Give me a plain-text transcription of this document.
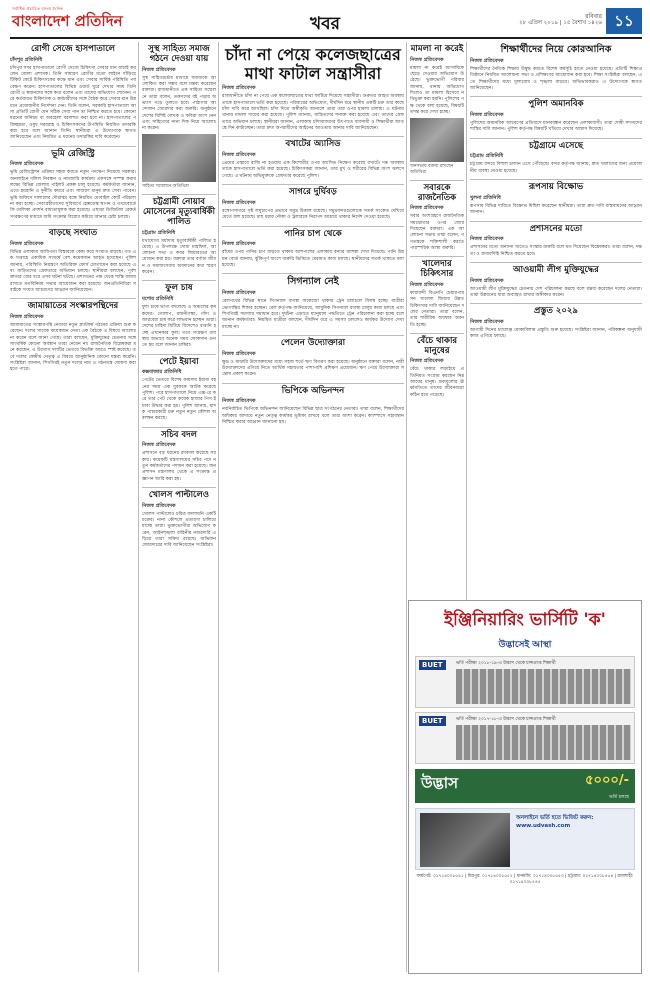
সর্বাধিক প্রচারিত বাংলা দৈনিক
বাংলাদেশ প্রতিদিন	খবর	রবিবার
২৮ এপ্রিল ২০১৯ | ১৫ বৈশাখ ১৪২৬ ১১
রোগী সেজে হাসপাতালে
চাঁদপুর প্রতিনিধি
চাঁদপুর সদর হাসপাতালে রোগী সেজে চিকিৎসা সেবার মান যাচাই করলেন জেলা প্রশাসক। তিনি সাধারণ রোগীর মতো লাইনে দাঁড়িয়ে টিকিট কেটে চিকিৎসকের কক্ষে যান এবং সেবার সার্বিক পরিস্থিতি পর্যবেক্ষণ করেন। হাসপাতালের বিভিন্ন ওয়ার্ড ঘুরে দেখার সময় তিনি রোগী ও স্বজনদের সঙ্গে কথা বলেন এবং তাদের অভিযোগ শোনেন। পরে কর্তব্যরত চিকিৎসক ও কর্মচারীদের সঙ্গে বৈঠক করে সেবার মান উন্নয়নে প্রয়োজনীয় নির্দেশনা দেন। তিনি বলেন, সরকারি হাসপাতালে আসা প্রতিটি রোগী যেন সঠিক সেবা পান তা নিশ্চিত করতে হবে। কোনো ধরনের অনিয়ম বা অবহেলা বরদাশত করা হবে না। হাসপাতালের পরিচ্ছন্নতা, ওষুধ সরবরাহ ও চিকিৎসকদের উপস্থিতি নিয়মিত তদারকি করা হবে বলে জানান তিনি। স্থানীয়রা এ উদ্যোগকে স্বাগত জানিয়েছেন এবং নিয়মিত এ ধরনের তদারকির দাবি করেছেন।
ভূমি রেজিস্ট্রি
নিজস্ব প্রতিবেদক
ভূমি রেজিস্ট্রেশন প্রক্রিয়া সহজ করতে নতুন পদক্ষেপ নিয়েছে সরকার। অনলাইনে দলিল নিবন্ধন ও নামজারি কার্যক্রম একসঙ্গে সম্পন্ন করার লক্ষ্যে বিভিন্ন জেলায় পাইলট প্রকল্প চালু হয়েছে। কর্মকর্তারা জানান, এতে হয়রানি ও দুর্নীতি কমবে এবং সাধারণ মানুষ দ্রুত সেবা পাবেন। ভূমি অফিসে দালালের দৌরাত্ম্য বন্ধে নিয়মিত মোবাইল কোর্ট পরিচালনা করা হচ্ছে। সেবাগ্রহীতাদের সুবিধার্থে হেল্পডেস্ক স্থাপন ও তথ্যবোর্ডে ফি তালিকা প্রদর্শন বাধ্যতামূলক করা হয়েছে। এছাড়া ডিজিটাল রেকর্ড সংরক্ষণের মাধ্যমে জমি সংক্রান্ত বিরোধ কমিয়ে আনার চেষ্টা চলছে।
বাড়ছে সংঘাত
নিজস্ব প্রতিবেদক
বিভিন্ন এলাকায় আধিপত্য বিস্তারকে কেন্দ্র করে সংঘাত বাড়ছে। গত এক সপ্তাহে একাধিক সংঘর্ষে বেশ কয়েকজন আহত হয়েছেন। পুলিশ জানায়, পরিস্থিতি নিয়ন্ত্রণে অতিরিক্ত ফোর্স মোতায়েন করা হয়েছে এবং জড়িতদের গ্রেফতারে অভিযান চলছে। স্থানীয়রা বলছেন, পূর্বশত্রুতার জের ধরে এসব ঘটনা ঘটছে। প্রশাসনের পক্ষ থেকে শান্তি বজায় রাখতে মতবিনিময় সভার আয়োজন করা হয়েছে। জনপ্রতিনিধিরা সবাইকে সংযত আচরণের আহ্বান জানিয়েছেন।
জামায়াতের সংস্কারপন্থিদের
নিজস্ব প্রতিবেদক
জামায়াতের সংস্কারপন্থি নেতারা নতুন প্ল্যাটফর্ম গঠনের প্রক্রিয়া শুরু করেছেন। দলের সাবেক কয়েকজন নেতা এক বৈঠকে এ বিষয়ে আলোচনা করেন বলে জানা গেছে। তারা বলছেন, মুক্তিযুদ্ধের চেতনার সঙ্গে সাংঘর্ষিক কোনো অবস্থান তারা নেবেন না। রাজনৈতিক বিশ্লেষকরা মনে করছেন, এ উদ্যোগ দলটির ভেতরে বিভক্তি আরও স্পষ্ট করেছে। তবে দলের কেন্দ্রীয় নেতৃত্ব এ বিষয়ে আনুষ্ঠানিক কোনো মন্তব্য করেনি। সংশ্লিষ্টরা জানান, শিগগিরই নতুন দলের নাম ও গঠনতন্ত্র ঘোষণা করা হতে পারে।
সুস্থ সাহিত্য সমাজ গঠনে দেওয়া যায়
নিজস্ব প্রতিবেদক
সুস্থ সাহিত্যচর্চার মাধ্যমে সমাজকে আলোকিত করা সম্ভব বলে মন্তব্য করেছেন বক্তারা। রাজধানীতে এক সাহিত্য সম্মেলনে তারা বলেন, তরুণদের বই পড়ার অভ্যাস গড়ে তুলতে হবে। পাঠাগার আন্দোলন জোরদার করা জরুরি। অনুষ্ঠানে দেশের বিশিষ্ট লেখক ও কবিরা অংশ নেন এবং সাহিত্যের নানা দিক নিয়ে আলোচনা করেন।
সাহিত্য সম্মেলনে অতিথিরা
চট্টগ্রামী নোয়াব মোসেনের মৃত্যুবার্ষিকী পালিত
চট্টগ্রাম প্রতিনিধি
যথাযোগ্য মর্যাদায় মৃত্যুবার্ষিকী পালিত হয়েছে। এ উপলক্ষে দোয়া মাহফিল, আলোচনা সভা ও কবর জিয়ারতের আয়োজন করা হয়। বক্তারা তার বর্ণাঢ্য জীবন ও সমাজসেবায় অবদানের কথা স্মরণ করেন।
ফুল চাষ
যশোর প্রতিনিধি
ফুল চাষে ভাগ্য বদলেছে এ অঞ্চলের কৃষকদের। গোলাপ, রজনীগন্ধা, গাঁদা ও জারবেরা চাষ করে লাভবান হচ্ছেন তারা। দেশের চাহিদা মিটিয়ে বিদেশেও রপ্তানি হচ্ছে এখানকার ফুল। তবে সংরক্ষণ ব্যবস্থার অভাবে অনেক সময় লোকসান গুনতে হয় বলে জানান চাষিরা।
পেটে ইয়াবা
কক্সবাজার প্রতিনিধি
পেটের ভেতরে বিশেষ কায়দায় ইয়াবা বহনের সময় এক যুবককে আটক করেছে পুলিশ। পরে হাসপাতালে নিয়ে এক্স-রে করে তার পেট থেকে কয়েক হাজার পিস ইয়াবা উদ্ধার করা হয়। পুলিশ জানায়, মাদক পাচারকারী চক্র নতুন নতুন কৌশল অবলম্বন করছে।
সচিব বদল
নিজস্ব প্রতিবেদক
প্রশাসনে বড় ধরনের রদবদল করেছে সরকার। কয়েকটি মন্ত্রণালয়ের সচিব পদে নতুন কর্মকর্তাদের পদায়ন করা হয়েছে। জনপ্রশাসন মন্ত্রণালয় থেকে এ সংক্রান্ত প্রজ্ঞাপন জারি করা হয়।
খোলস পাল্টালেও
নিজস্ব প্রতিবেদক
খোলস পাল্টালেও চরিত্র বদলায়নি একটি চক্রের। নানা কৌশলে প্রতারণা চালিয়ে যাচ্ছে তারা। ভুক্তভোগীরা অভিযোগ করেন, আইনশৃঙ্খলা বাহিনীর নজরদারি এড়িয়ে তারা সক্রিয় রয়েছে। অভিযান জোরদারের দাবি জানিয়েছেন সংশ্লিষ্টরা।
চাঁদা না পেয়ে কলেজছাত্রের মাথা ফাটাল সন্ত্রাসীরা
নিজস্ব প্রতিবেদক
রাজধানীতে চাঁদা না পেয়ে এক কলেজছাত্রের মাথা ফাটিয়ে দিয়েছে সন্ত্রাসীরা। গুরুতর আহত অবস্থায় তাকে হাসপাতালে ভর্তি করা হয়েছে। পরিবারের অভিযোগ, দীর্ঘদিন ধরে স্থানীয় একটি চক্র তার কাছে চাঁদা দাবি করে আসছিল। চাঁদা দিতে অস্বীকৃতি জানালে তারা তার ওপর হামলা চালায়। এ ঘটনায় থানায় মামলা দায়ের করা হয়েছে। পুলিশ জানায়, জড়িতদের শনাক্ত করা হয়েছে এবং তাদের গ্রেফতারে অভিযান চলছে। স্থানীয়রা জানান, এলাকায় চাঁদাবাজদের উৎপাতে ব্যবসায়ী ও শিক্ষার্থীরা আতঙ্কে দিন কাটাচ্ছেন। তারা দ্রুত অপরাধীদের আইনের আওতায় আনার দাবি জানিয়েছেন।
বখাটের অ্যাসিড
নিজস্ব প্রতিবেদক
প্রেমের প্রস্তাবে রাজি না হওয়ায় এক কিশোরীর ওপর অ্যাসিড নিক্ষেপ করেছে বখাটে। দগ্ধ অবস্থায় তাকে হাসপাতালে ভর্তি করা হয়েছে। চিকিৎসকরা জানান, তার মুখ ও শরীরের বিভিন্ন অংশ ঝলসে গেছে। এ ঘটনায় অভিযুক্তকে গ্রেফতার করেছে পুলিশ।
সাগরে দুর্ঘিবড়
নিজস্ব প্রতিবেদক
বঙ্গোপসাগরে সৃষ্ট লঘুচাপের প্রভাবে সমুদ্র উত্তাল রয়েছে। সমুদ্রবন্দরগুলোকে সতর্ক সংকেত দেখিয়ে যেতে বলা হয়েছে। মাছ ধরার নৌকা ও ট্রলারকে নিরাপদ আশ্রয়ে থাকার নির্দেশ দেওয়া হয়েছে।
পানির চাপ থেকে
নিজস্ব প্রতিবেদক
বাঁধের ওপর পানির চাপ বাড়তে থাকায় আশপাশের এলাকায় বন্যার আশঙ্কা দেখা দিয়েছে। পানি উন্নয়ন বোর্ড জানায়, ঝুঁকিপূর্ণ অংশে জরুরি ভিত্তিতে মেরামত কাজ চলছে। স্থানীয়দের সতর্ক থাকতে বলা হয়েছে।
সিগন্যাল নেই
নিজস্ব প্রতিবেদক
রেলপথের বিভিন্ন স্থানে সিগন্যাল ব্যবস্থা অকেজো থাকায় ট্রেন চলাচলে বিলম্ব হচ্ছে। যাত্রীরা ভোগান্তির শিকার হচ্ছেন। রেল কর্তৃপক্ষ জানিয়েছে, আধুনিক সিগন্যাল ব্যবস্থা চালুর কাজ চলছে এবং শিগগিরই সমস্যার সমাধান হবে। দুর্ঘটনা এড়াতে ম্যানুয়াল পদ্ধতিতে ট্রেন পরিচালনা করা হচ্ছে বলে জানান কর্মকর্তারা। নিয়মিত যাত্রীরা বলছেন, দীর্ঘদিন ধরে এ সমস্যা চললেও কার্যকর উদ্যোগ দেখা যাচ্ছে না।
পেলেন উদ্যোক্তারা
নিজস্ব প্রতিবেদক
ক্ষুদ্র ও মাঝারি উদ্যোক্তাদের মধ্যে সহজ শর্তে ঋণ বিতরণ করা হয়েছে। অনুষ্ঠানে বক্তারা বলেন, নারী উদ্যোক্তাদের এগিয়ে নিতে আর্থিক সহায়তার পাশাপাশি প্রশিক্ষণ প্রয়োজন। ঋণ পেয়ে উদ্যোক্তারা সন্তোষ প্রকাশ করেন।
ভিপিকে অভিনন্দন
নিজস্ব প্রতিবেদক
নবনির্বাচিত ভিপিকে অভিনন্দন জানিয়েছেন বিভিন্ন ছাত্র সংগঠনের নেতারা। তারা বলেন, শিক্ষার্থীদের অধিকার আদায়ে নতুন নেতৃত্ব কার্যকর ভূমিকা রাখবে বলে তারা আশা করেন। ক্যাম্পাসে সহাবস্থান নিশ্চিত করার আহ্বান জানানো হয়।
মামলা না করেই
নিজস্ব প্রতিবেদক
মামলা না করেই আসামিকে ছেড়ে দেওয়ার অভিযোগ উঠেছে। ভুক্তভোগী পরিবার জানায়, থানায় অভিযোগ দিলেও তা মামলা হিসেবে নথিভুক্ত করা হয়নি। পুলিশের পক্ষ থেকে বলা হয়েছে, বিষয়টি তদন্ত করে দেখা হচ্ছে।
জনসভায় বক্তব্য রাখছেন অতিথিরা
সবারকে রাজনৈতিক
নিজস্ব প্রতিবেদক
সবার অংশগ্রহণে রাজনৈতিক সমঝোতার ওপর জোর দিয়েছেন বক্তারা। এক আলোচনা সভায় তারা বলেন, গণতন্ত্রকে শক্তিশালী করতে পারস্পরিক আস্থা জরুরি।
খালেদার চিকিৎসার
নিজস্ব প্রতিবেদক
কারাবন্দী বিএনপি চেয়ারপারসন খালেদা জিয়ার উন্নত চিকিৎসার দাবি জানিয়েছেন দলের নেতারা। তারা বলেন, তার শারীরিক অবস্থার অবনতি হচ্ছে।
বেঁচে থাকার মানুষের
নিজস্ব প্রতিবেদক
বেঁচে থাকার লড়াইয়ে প্রতিনিয়ত সংগ্রাম করছেন নিম্ন আয়ের মানুষ। দ্রব্যমূল্যের ঊর্ধ্বগতিতে তাদের জীবনযাত্রা কঠিন হয়ে পড়েছে।
শিক্ষার্থীদের নিয়ে কোরআনিক
নিজস্ব প্রতিবেদক
শিক্ষার্থীদের নৈতিক শিক্ষায় উদ্বুদ্ধ করতে বিশেষ কর্মসূচি হাতে নেওয়া হয়েছে। প্রতিটি শিক্ষাপ্রতিষ্ঠানে নিয়মিত আলোচনা সভা ও প্রশিক্ষণের আয়োজন করা হবে। শিক্ষা সংশ্লিষ্টরা বলছেন, এতে শিক্ষার্থীদের মধ্যে মূল্যবোধ ও শৃঙ্খলা বাড়বে। অভিভাবকরাও এ উদ্যোগকে স্বাগত জানিয়েছেন।
পুলিশ অমানবিক
নিজস্ব প্রতিবেদক
পুলিশের অমানবিক আচরণের প্রতিবাদে মানববন্ধন করেছেন এলাকাবাসী। তারা দোষী সদস্যদের শাস্তির দাবি জানান। পুলিশ কর্তৃপক্ষ বিষয়টি খতিয়ে দেখার আশ্বাস দিয়েছে।
চট্টগ্রামে এসেছে
চট্টগ্রাম প্রতিনিধি
চট্টগ্রাম বন্দরে বিশাল চালান এসে পৌঁছেছে। বন্দর কর্তৃপক্ষ জানায়, দ্রুত খালাসের জন্য প্রয়োজনীয় ব্যবস্থা নেওয়া হয়েছে।
রূপসায় বিক্ষোভ
খুলনা প্রতিনিধি
রূপসায় বিভিন্ন দাবিতে বিক্ষোভ মিছিল করেছেন স্থানীয়রা। তারা দ্রুত দাবি বাস্তবায়নের আহ্বান জানান।
প্রশাসনের মতো
নিজস্ব প্রতিবেদক
প্রশাসনের মতো অন্যান্য খাতেও সংস্কার জরুরি বলে মত দিয়েছেন বিশ্লেষকরা। তারা বলেন, দক্ষতা ও জবাবদিহি নিশ্চিত করতে হবে।
আওয়ামী লীগ মুক্তিযুদ্ধের
নিজস্ব প্রতিবেদক
আওয়ামী লীগ মুক্তিযুদ্ধের চেতনায় দেশ পরিচালনা করছে বলে মন্তব্য করেছেন দলের নেতারা। তারা উন্নয়নের ধারা অব্যাহত রাখার অঙ্গীকার করেন।
প্রস্তুত ২০২৯
নিজস্ব প্রতিবেদক
আগামী দিনের চ্যালেঞ্জ মোকাবিলায় প্রস্তুতি শুরু হয়েছে। সংশ্লিষ্টরা জানান, পরিকল্পনা অনুযায়ী কাজ এগিয়ে চলছে।
ইঞ্জিনিয়ারিং ভার্সিটি 'ক'
উদ্ভাসেই আস্থা
BUET	ভর্তি পরীক্ষা ২০১৮-১৯-এ উদ্ভাস থেকে চান্সপ্রাপ্ত শিক্ষার্থী
BUET	ভর্তি পরীক্ষা ২০১৭-১৮-এ উদ্ভাস থেকে চান্সপ্রাপ্ত শিক্ষার্থী
উদ্ভাস	৫০০০/-
ভর্তি চলছে
অনলাইনে ভর্তি হতে ভিজিট করুন: www.udvash.com
ফার্মগেট: ০১৭১৪০০৮৫৫১ | মিরপুর: ০১৭১৪০০৮৫৫২ | ধানমন্ডি: ০১৭১৪০০৮৫৫৩ | চট্টগ্রাম: ০১৭১৪০০৮৫৫৪ | রাজশাহী: ০১৭১৪০০৮৫৫৫
